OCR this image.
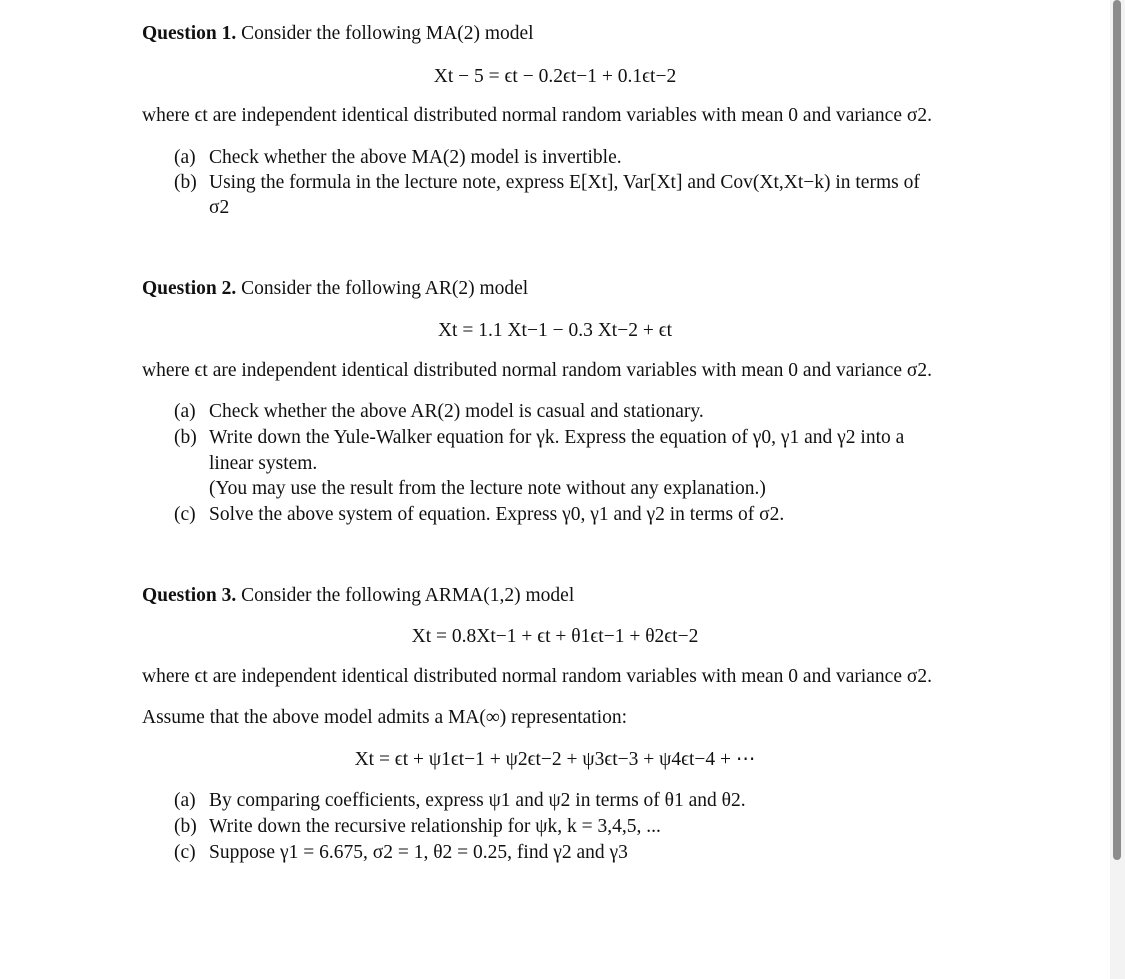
Question 1. Consider the following MA(2) model
Xt − 5 = ϵt − 0.2ϵt−1 + 0.1ϵt−2
where ϵt are independent identical distributed normal random variables with mean 0 and variance σ2.
(a) Check whether the above MA(2) model is invertible.
(b) Using the formula in the lecture note, express E[Xt], Var[Xt] and Cov(Xt,Xt−k) in terms of
σ2
Question 2. Consider the following AR(2) model
Xt = 1.1 Xt−1 − 0.3 Xt−2 + ϵt
where ϵt are independent identical distributed normal random variables with mean 0 and variance σ2.
(a) Check whether the above AR(2) model is casual and stationary.
(b) Write down the Yule-Walker equation for γk. Express the equation of γ0, γ1 and γ2 into a
linear system.
(You may use the result from the lecture note without any explanation.)
(c) Solve the above system of equation. Express γ0, γ1 and γ2 in terms of σ2.
Question 3. Consider the following ARMA(1,2) model
Xt = 0.8Xt−1 + ϵt + θ1ϵt−1 + θ2ϵt−2
where ϵt are independent identical distributed normal random variables with mean 0 and variance σ2.
Assume that the above model admits a MA(∞) representation:
Xt = ϵt + ψ1ϵt−1 + ψ2ϵt−2 + ψ3ϵt−3 + ψ4ϵt−4 + ⋯
(a) By comparing coefficients, express ψ1 and ψ2 in terms of θ1 and θ2.
(b) Write down the recursive relationship for ψk, k = 3,4,5, ...
(c) Suppose γ1 = 6.675, σ2 = 1, θ2 = 0.25, find γ2 and γ3
